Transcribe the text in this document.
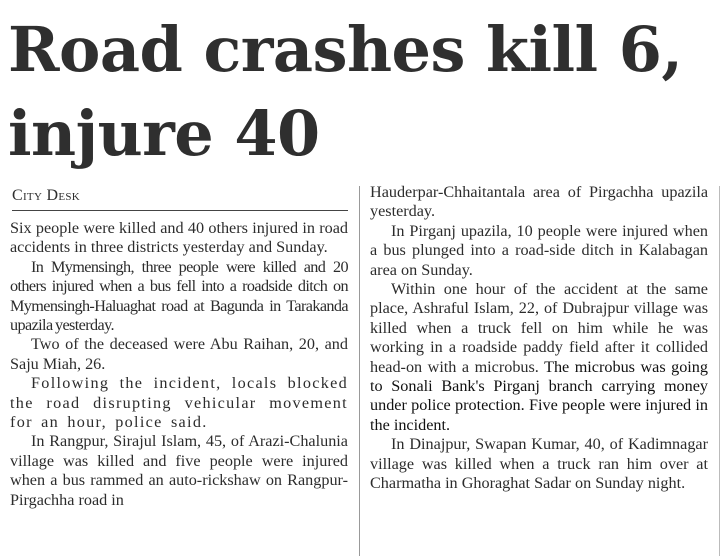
Road crashes kill 6, injure 40
City Desk

Six people were killed and 40 others injured in road accidents in three districts yesterday and Sunday.

In Mymensingh, three people were killed and 20 others injured when a bus fell into a roadside ditch on Mymensingh-Haluaghat road at Bagunda in Tarakanda upazila yesterday.

Two of the deceased were Abu Raihan, 20, and Saju Miah, 26.

Following the incident, locals blocked the road disrupting vehicular movement for an hour, police said.

In Rangpur, Sirajul Islam, 45, of Arazi-Chalunia village was killed and five people were injured when a bus rammed an auto-rickshaw on Rangpur-Pirgachha road in

Hauderpar-Chhaitantala area of Pirgachha upazila yesterday.

In Pirganj upazila, 10 people were injured when a bus plunged into a road-side ditch in Kalabagan area on Sunday.

Within one hour of the accident at the same place, Ashraful Islam, 22, of Dubrajpur village was killed when a truck fell on him while he was working in a roadside paddy field after it collided head-on with a microbus. The microbus was going to Sonali Bank's Pirganj branch carrying money under police protection. Five people were injured in the incident.

In Dinajpur, Swapan Kumar, 40, of Kadimnagar village was killed when a truck ran him over at Charmatha in Ghoraghat Sadar on Sunday night.
